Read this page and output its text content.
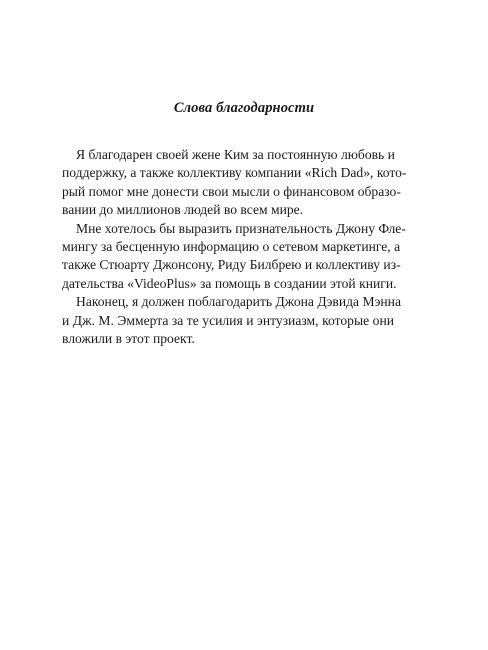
Слова благодарности

Я благодарен своей жене Ким за постоянную любовь и
поддержку, а также коллективу компании «Rich Dad», кото-
рый помог мне донести свои мысли о финансовом образо-
вании до миллионов людей во всем мире.

Мне хотелось бы выразить признательность Джону Фле-
мингу за бесценную информацию о сетевом маркетинге, а
также Стюарту Джонсону, Риду Билбрею и коллективу из-
дательства «VideoPlus» за помощь в создании этой книги.

Наконец, я должен поблагодарить Джона Дэвида Мэнна
и Дж. М. Эммерта за те усилия и энтузиазм, которые они
вложили в этот проект.
